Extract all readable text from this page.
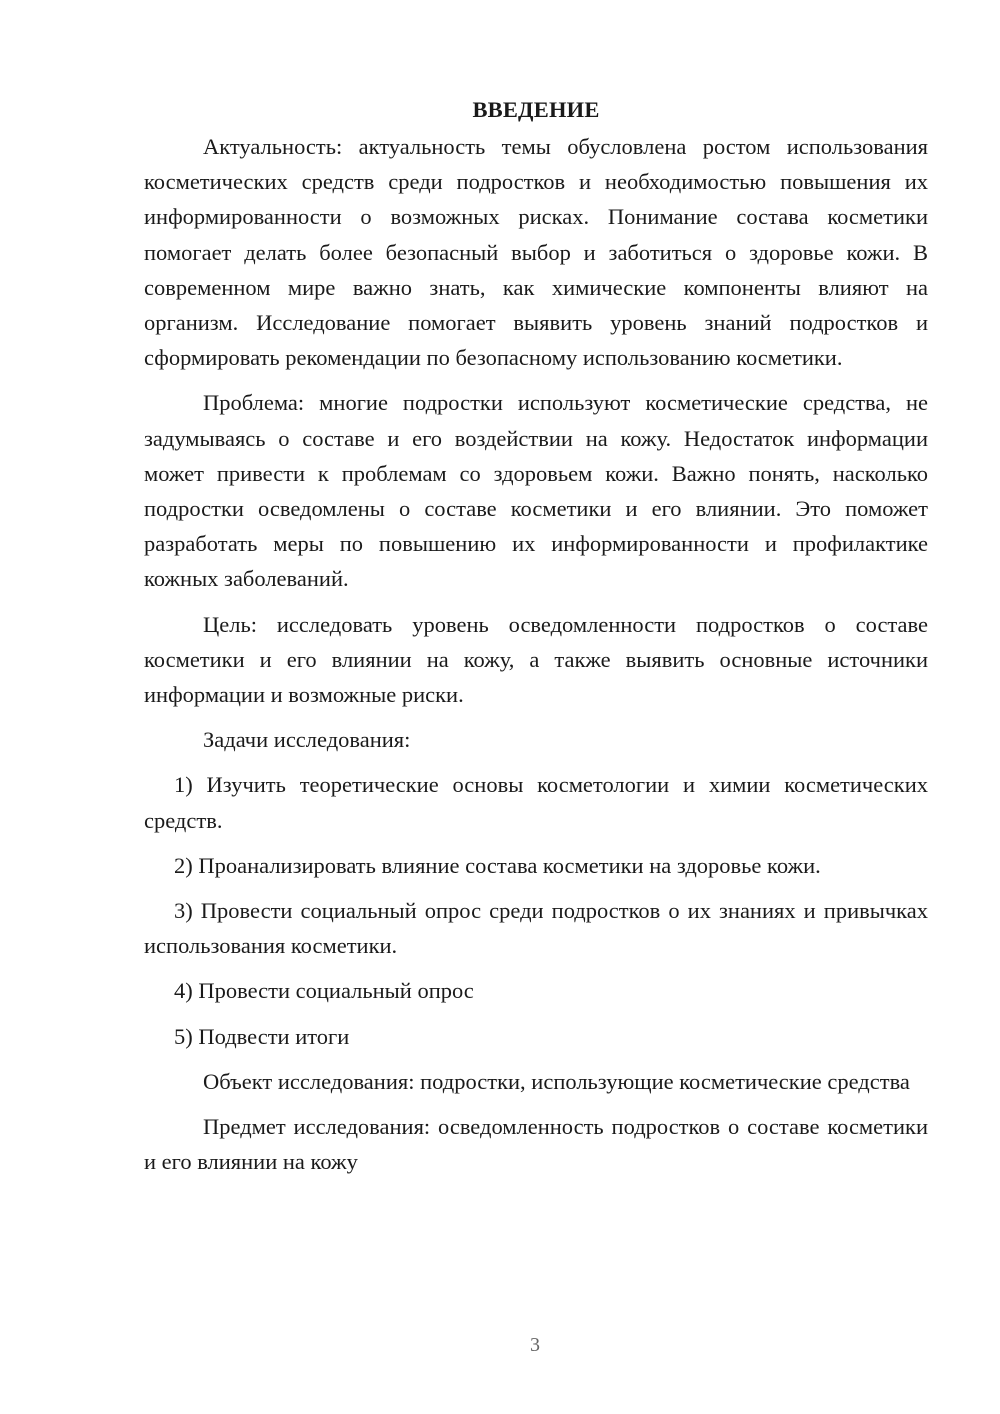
ВВЕДЕНИЕ

Актуальность: актуальность темы обусловлена ростом использования косметических средств среди подростков и необходимостью повышения их информированности о возможных рисках. Понимание состава косметики помогает делать более безопасный выбор и заботиться о здоровье кожи. В современном мире важно знать, как химические компоненты влияют на организм. Исследование помогает выявить уровень знаний подростков и сформировать рекомендации по безопасному использованию косметики.

Проблема: многие подростки используют косметические средства, не задумываясь о составе и его воздействии на кожу. Недостаток информации может привести к проблемам со здоровьем кожи. Важно понять, насколько подростки осведомлены о составе косметики и его влиянии. Это поможет разработать меры по повышению их информированности и профилактике кожных заболеваний.

Цель: исследовать уровень осведомленности подростков о составе косметики и его влиянии на кожу, а также выявить основные источники информации и возможные риски.

Задачи исследования:

1) Изучить теоретические основы косметологии и химии косметических средств.

2) Проанализировать влияние состава косметики на здоровье кожи.

3) Провести социальный опрос среди подростков о их знаниях и привычках использования косметики.

4) Провести социальный опрос

5) Подвести итоги

Объект исследования: подростки, использующие косметические средства

Предмет исследования: осведомленность подростков о составе косметики и его влиянии на кожу

3
